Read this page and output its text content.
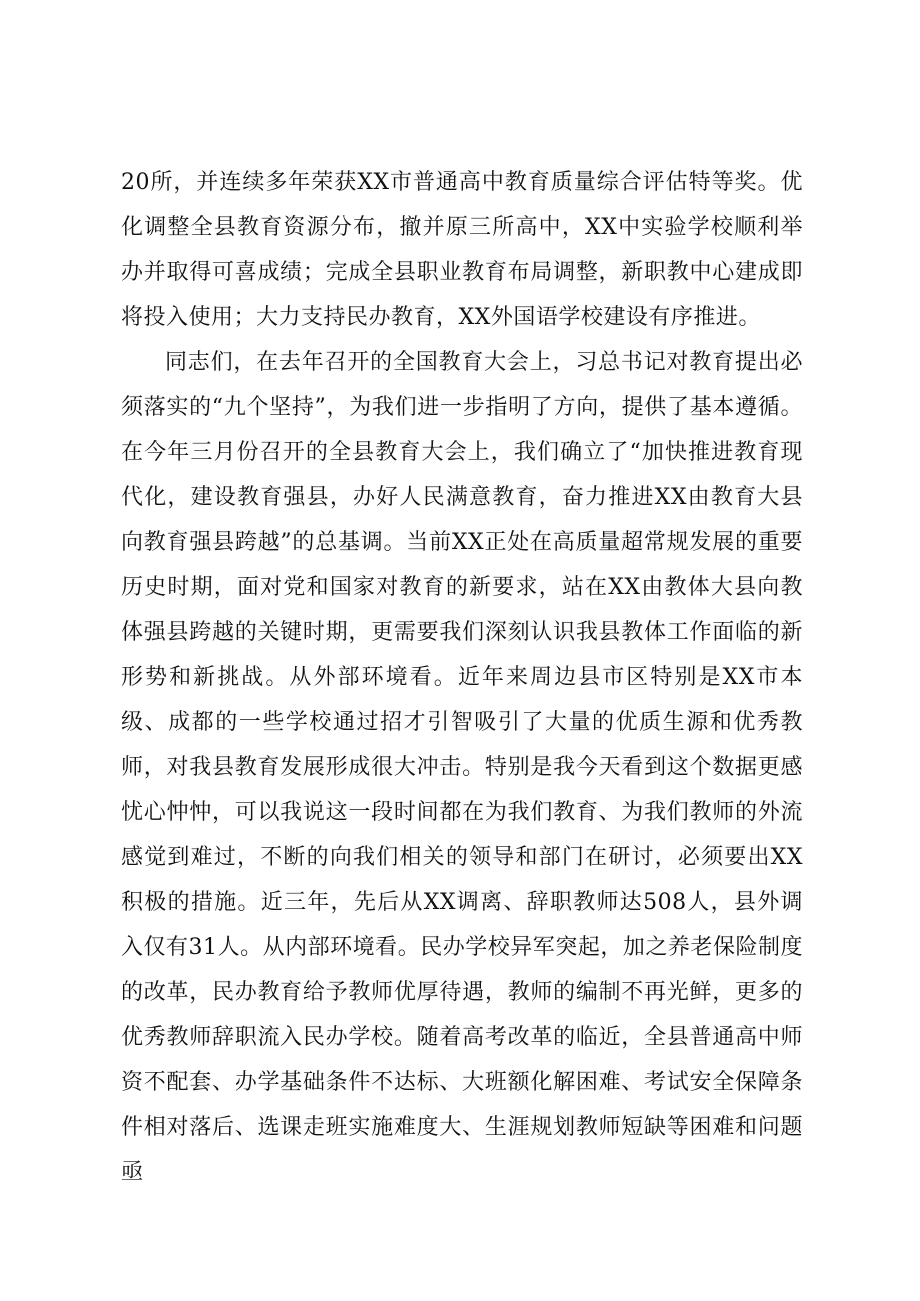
20所，并连续多年荣获XX市普通高中教育质量综合评估特等奖。优化调整全县教育资源分布，撤并原三所高中，XX中实验学校顺利举办并取得可喜成绩；完成全县职业教育布局调整，新职教中心建成即将投入使用；大力支持民办教育，XX外国语学校建设有序推进。

同志们，在去年召开的全国教育大会上，习总书记对教育提出必须落实的“九个坚持”，为我们进一步指明了方向，提供了基本遵循。在今年三月份召开的全县教育大会上，我们确立了“加快推进教育现代化，建设教育强县，办好人民满意教育，奋力推进XX由教育大县向教育强县跨越”的总基调。当前XX正处在高质量超常规发展的重要历史时期，面对党和国家对教育的新要求，站在XX由教体大县向教体强县跨越的关键时期，更需要我们深刻认识我县教体工作面临的新形势和新挑战。从外部环境看。近年来周边县市区特别是XX市本级、成都的一些学校通过招才引智吸引了大量的优质生源和优秀教师，对我县教育发展形成很大冲击。特别是我今天看到这个数据更感忧心忡忡，可以我说这一段时间都在为我们教育、为我们教师的外流感觉到难过，不断的向我们相关的领导和部门在研讨，必须要出XX积极的措施。近三年，先后从XX调离、辞职教师达508人，县外调入仅有31人。从内部环境看。民办学校异军突起，加之养老保险制度的改革，民办教育给予教师优厚待遇，教师的编制不再光鲜，更多的优秀教师辞职流入民办学校。随着高考改革的临近，全县普通高中师资不配套、办学基础条件不达标、大班额化解困难、考试安全保障条件相对落后、选课走班实施难度大、生涯规划教师短缺等困难和问题亟
